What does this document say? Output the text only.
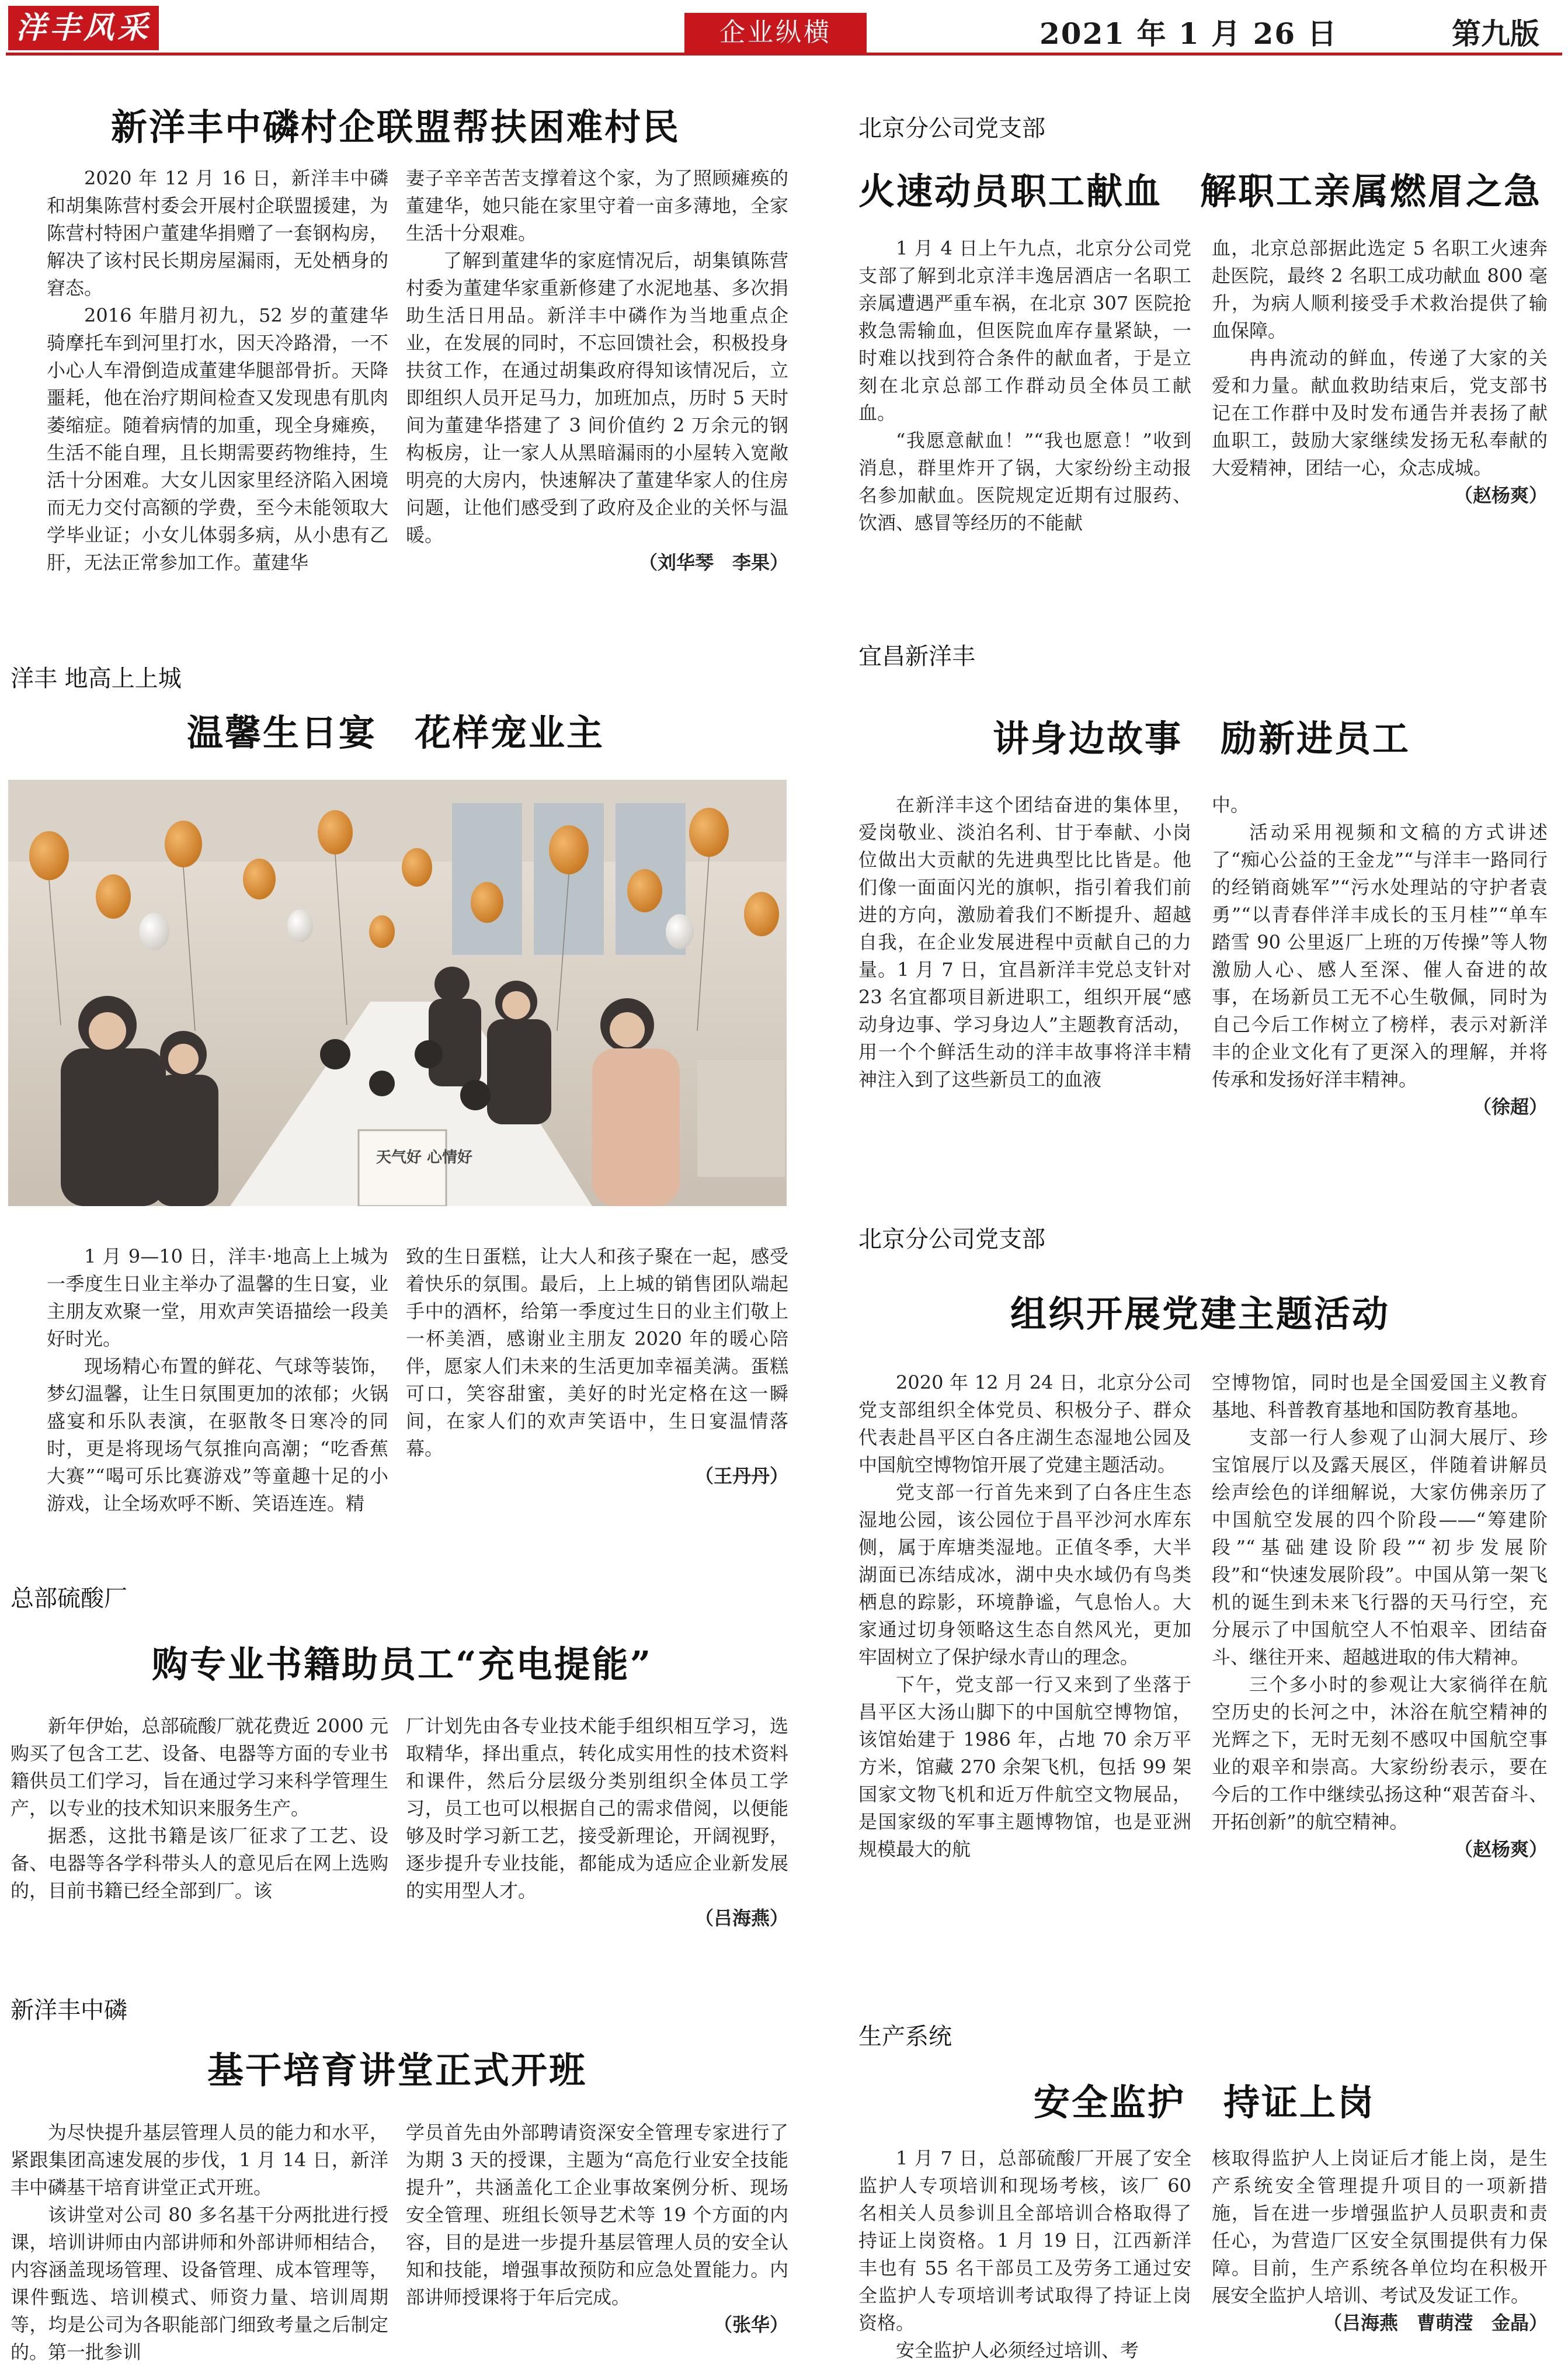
洋丰风采	企业纵横	2021 年 1 月 26 日	第九版
新洋丰中磷村企联盟帮扶困难村民

2020 年 12 月 16 日，新洋丰中磷和胡集陈营村委会开展村企联盟援建，为陈营村特困户董建华捐赠了一套钢构房，解决了该村民长期房屋漏雨，无处栖身的窘态。

2016 年腊月初九，52 岁的董建华骑摩托车到河里打水，因天冷路滑，一不小心人车滑倒造成董建华腿部骨折。天降噩耗，他在治疗期间检查又发现患有肌肉萎缩症。随着病情的加重，现全身瘫痪，生活不能自理，且长期需要药物维持，生活十分困难。大女儿因家里经济陷入困境而无力交付高额的学费，至今未能领取大学毕业证；小女儿体弱多病，从小患有乙肝，无法正常参加工作。董建华

妻子辛辛苦苦支撑着这个家，为了照顾瘫痪的董建华，她只能在家里守着一亩多薄地，全家生活十分艰难。

了解到董建华的家庭情况后，胡集镇陈营村委为董建华家重新修建了水泥地基、多次捐助生活日用品。新洋丰中磷作为当地重点企业，在发展的同时，不忘回馈社会，积极投身扶贫工作，在通过胡集政府得知该情况后，立即组织人员开足马力，加班加点，历时 5 天时间为董建华搭建了 3 间价值约 2 万余元的钢构板房，让一家人从黑暗漏雨的小屋转入宽敞明亮的大房内，快速解决了董建华家人的住房问题，让他们感受到了政府及企业的关怀与温暖。

（刘华琴　李果）
北京分公司党支部
火速动员职工献血　解职工亲属燃眉之急

1 月 4 日上午九点，北京分公司党支部了解到北京洋丰逸居酒店一名职工亲属遭遇严重车祸，在北京 307 医院抢救急需输血，但医院血库存量紧缺，一时难以找到符合条件的献血者，于是立刻在北京总部工作群动员全体员工献血。

“我愿意献血！”“我也愿意！”收到消息，群里炸开了锅，大家纷纷主动报名参加献血。医院规定近期有过服药、饮酒、感冒等经历的不能献

血，北京总部据此选定 5 名职工火速奔赴医院，最终 2 名职工成功献血 800 毫升，为病人顺利接受手术救治提供了输血保障。

冉冉流动的鲜血，传递了大家的关爱和力量。献血救助结束后，党支部书记在工作群中及时发布通告并表扬了献血职工，鼓励大家继续发扬无私奉献的大爱精神，团结一心，众志成城。

（赵杨爽）
洋丰 地高上上城
温馨生日宴　花样宠业主
天气好 心情好

1 月 9—10 日，洋丰·地高上上城为一季度生日业主举办了温馨的生日宴，业主朋友欢聚一堂，用欢声笑语描绘一段美好时光。

现场精心布置的鲜花、气球等装饰，梦幻温馨，让生日氛围更加的浓郁；火锅盛宴和乐队表演，在驱散冬日寒冷的同时，更是将现场气氛推向高潮；“吃香蕉大赛”“喝可乐比赛游戏”等童趣十足的小游戏，让全场欢呼不断、笑语连连。精

致的生日蛋糕，让大人和孩子聚在一起，感受着快乐的氛围。最后，上上城的销售团队端起手中的酒杯，给第一季度过生日的业主们敬上一杯美酒，感谢业主朋友 2020 年的暖心陪伴，愿家人们未来的生活更加幸福美满。蛋糕可口，笑容甜蜜，美好的时光定格在这一瞬间，在家人们的欢声笑语中，生日宴温情落幕。

（王丹丹）
宜昌新洋丰
讲身边故事　励新进员工

在新洋丰这个团结奋进的集体里，爱岗敬业、淡泊名利、甘于奉献、小岗位做出大贡献的先进典型比比皆是。他们像一面面闪光的旗帜，指引着我们前进的方向，激励着我们不断提升、超越自我，在企业发展进程中贡献自己的力量。1 月 7 日，宜昌新洋丰党总支针对 23 名宜都项目新进职工，组织开展“感动身边事、学习身边人”主题教育活动，用一个个鲜活生动的洋丰故事将洋丰精神注入到了这些新员工的血液

中。

活动采用视频和文稿的方式讲述了“痴心公益的王金龙”“与洋丰一路同行的经销商姚军”“污水处理站的守护者袁勇”“以青春伴洋丰成长的玉月桂”“单车踏雪 90 公里返厂上班的万传操”等人物激励人心、感人至深、催人奋进的故事，在场新员工无不心生敬佩，同时为自己今后工作树立了榜样，表示对新洋丰的企业文化有了更深入的理解，并将传承和发扬好洋丰精神。

（徐超）
北京分公司党支部
组织开展党建主题活动

2020 年 12 月 24 日，北京分公司党支部组织全体党员、积极分子、群众代表赴昌平区白各庄湖生态湿地公园及中国航空博物馆开展了党建主题活动。

党支部一行首先来到了白各庄生态湿地公园，该公园位于昌平沙河水库东侧，属于库塘类湿地。正值冬季，大半湖面已冻结成冰，湖中央水域仍有鸟类栖息的踪影，环境静谧，气息怡人。大家通过切身领略这生态自然风光，更加牢固树立了保护绿水青山的理念。

下午，党支部一行又来到了坐落于昌平区大汤山脚下的中国航空博物馆，该馆始建于 1986 年，占地 70 余万平方米，馆藏 270 余架飞机，包括 99 架国家文物飞机和近万件航空文物展品，是国家级的军事主题博物馆，也是亚洲规模最大的航

空博物馆，同时也是全国爱国主义教育基地、科普教育基地和国防教育基地。

支部一行人参观了山洞大展厅、珍宝馆展厅以及露天展区，伴随着讲解员绘声绘色的详细解说，大家仿佛亲历了中国航空发展的四个阶段——“筹建阶段”“基础建设阶段”“初步发展阶段”和“快速发展阶段”。中国从第一架飞机的诞生到未来飞行器的天马行空，充分展示了中国航空人不怕艰辛、团结奋斗、继往开来、超越进取的伟大精神。

三个多小时的参观让大家徜徉在航空历史的长河之中，沐浴在航空精神的光辉之下，无时无刻不感叹中国航空事业的艰辛和崇高。大家纷纷表示，要在今后的工作中继续弘扬这种“艰苦奋斗、开拓创新”的航空精神。

（赵杨爽）
总部硫酸厂
购专业书籍助员工“充电提能”

新年伊始，总部硫酸厂就花费近 2000 元购买了包含工艺、设备、电器等方面的专业书籍供员工们学习，旨在通过学习来科学管理生产，以专业的技术知识来服务生产。

据悉，这批书籍是该厂征求了工艺、设备、电器等各学科带头人的意见后在网上选购的，目前书籍已经全部到厂。该

厂计划先由各专业技术能手组织相互学习，选取精华，择出重点，转化成实用性的技术资料和课件，然后分层级分类别组织全体员工学习，员工也可以根据自己的需求借阅，以便能够及时学习新工艺，接受新理论，开阔视野，逐步提升专业技能，都能成为适应企业新发展的实用型人才。

（吕海燕）
新洋丰中磷
基干培育讲堂正式开班

为尽快提升基层管理人员的能力和水平，紧跟集团高速发展的步伐，1 月 14 日，新洋丰中磷基干培育讲堂正式开班。

该讲堂对公司 80 多名基干分两批进行授课，培训讲师由内部讲师和外部讲师相结合，内容涵盖现场管理、设备管理、成本管理等，课件甄选、培训模式、师资力量、培训周期等，均是公司为各职能部门细致考量之后制定的。第一批参训

学员首先由外部聘请资深安全管理专家进行了为期 3 天的授课，主题为“高危行业安全技能提升”，共涵盖化工企业事故案例分析、现场安全管理、班组长领导艺术等 19 个方面的内容，目的是进一步提升基层管理人员的安全认知和技能，增强事故预防和应急处置能力。内部讲师授课将于年后完成。

（张华）
生产系统
安全监护　持证上岗

1 月 7 日，总部硫酸厂开展了安全监护人专项培训和现场考核，该厂 60 名相关人员参训且全部培训合格取得了持证上岗资格。1 月 19 日，江西新洋丰也有 55 名干部员工及劳务工通过安全监护人专项培训考试取得了持证上岗资格。

安全监护人必须经过培训、考

核取得监护人上岗证后才能上岗，是生产系统安全管理提升项目的一项新措施，旨在进一步增强监护人员职责和责任心，为营造厂区安全氛围提供有力保障。目前，生产系统各单位均在积极开展安全监护人培训、考试及发证工作。

（吕海燕　曹萌滢　金晶）
